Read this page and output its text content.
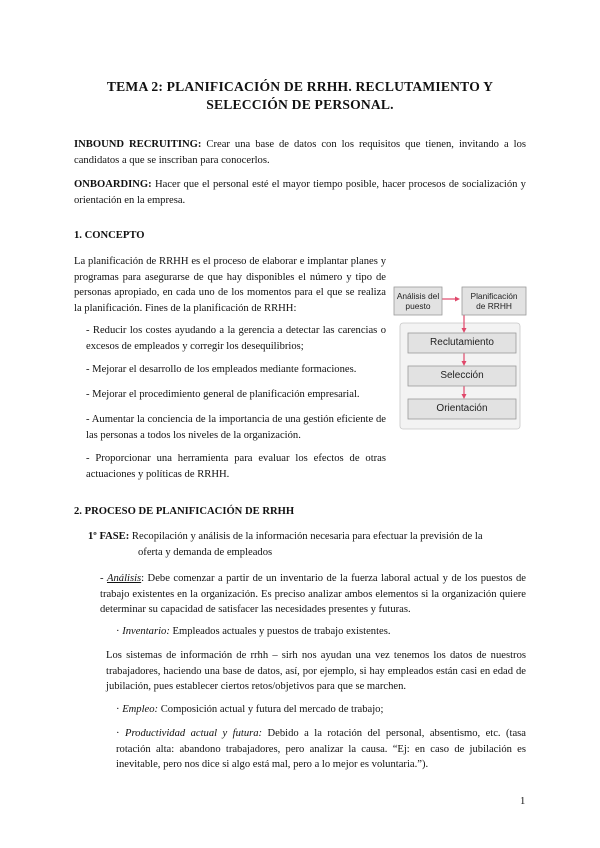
TEMA 2: PLANIFICACIÓN DE RRHH. RECLUTAMIENTO Y
SELECCIÓN DE PERSONAL.
INBOUND RECRUITING: Crear una base de datos con los requisitos que tienen, invitando a los candidatos a que se inscriban para conocerlos.
ONBOARDING: Hacer que el personal esté el mayor tiempo posible, hacer procesos de socialización y orientación en la empresa.
1. CONCEPTO
La planificación de RRHH es el proceso de elaborar e implantar planes y programas para asegurarse de que hay disponibles el número y tipo de personas apropiado, en cada uno de los momentos para el que se realiza la planificación. Fines de la planificación de RRHH:
- Reducir los costes ayudando a la gerencia a detectar las carencias o excesos de empleados y corregir los desequilibrios;
- Mejorar el desarrollo de los empleados mediante formaciones.
- Mejorar el procedimiento general de planificación empresarial.
- Aumentar la conciencia de la importancia de una gestión eficiente de las personas a todos los niveles de la organización.
- Proporcionar una herramienta para evaluar los efectos de otras actuaciones y políticas de RRHH.
Análisis del
puesto
Planificación
de RRHH
Reclutamiento
Selección
Orientación
2. PROCESO DE PLANIFICACIÓN DE RRHH
1º FASE: Recopilación y análisis de la información necesaria para efectuar la previsión de la
oferta y demanda de empleados
- Análisis: Debe comenzar a partir de un inventario de la fuerza laboral actual y de los puestos de trabajo existentes en la organización. Es preciso analizar ambos elementos si la organización quiere determinar su capacidad de satisfacer las necesidades presentes y futuras.
· Inventario: Empleados actuales y puestos de trabajo existentes.
Los sistemas de información de rrhh – sirh nos ayudan una vez tenemos los datos de nuestros trabajadores, haciendo una base de datos, así, por ejemplo, si hay empleados están casi en edad de jubilación, pues establecer ciertos retos/objetivos para que se marchen.
· Empleo: Composición actual y futura del mercado de trabajo;
· Productividad actual y futura: Debido a la rotación del personal, absentismo, etc. (tasa rotación alta: abandono trabajadores, pero analizar la causa. “Ej: en caso de jubilación es inevitable, pero nos dice si algo está mal, pero a lo mejor es voluntaria.”).
1
